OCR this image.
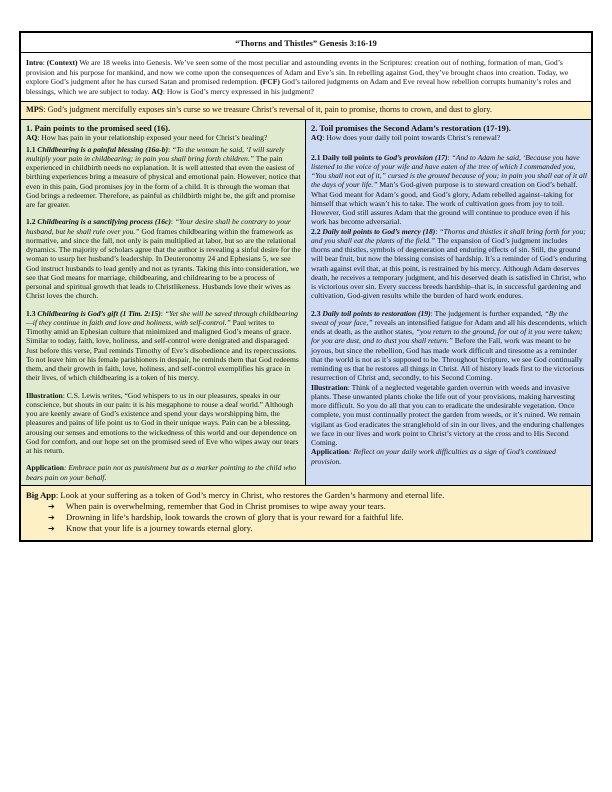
“Thorns and Thistles” Genesis 3:16-19
Intro: (Context) We are 18 weeks into Genesis. We’ve seen some of the most peculiar and astounding events in the Scriptures: creation out of nothing, formation of man, God’s provision and his purpose for mankind, and now we come upon the consequences of Adam and Eve’s sin. In rebelling against God, they’ve brought chaos into creation. Today, we explore God’s judgment after he has cursed Satan and promised redemption. (FCF) God’s tailored judgments on Adam and Eve reveal how rebellion corrupts humanity’s roles and blessings, which we are subject to today. AQ: How is God’s mercy expressed in his judgment?
MPS: God’s judgment mercifully exposes sin’s curse so we treasure Christ’s reversal of it, pain to promise, thorns to crown, and dust to glory.
1. Pain points to the promised seed (16).
AQ: How has pain in your relationship exposed your need for Christ’s healing?
1.1 Childbearing is a painful blessing (16a-b): “To the woman he said, ‘I will surely multiply your pain in childbearing; in pain you shall bring forth children.” The pain experienced in childbirth needs no explanation. It is well attested that even the easiest of birthing experiences bring a measure of physical and emotional pain. However, notice that even in this pain, God promises joy in the form of a child. It is through the woman that God brings a redeemer. Therefore, as painful as childbirth might be, the gift and promise are far greater.
1.2 Childbearing is a sanctifying process (16c): “Your desire shall be contrary to your husband, but he shall rule over you.” God frames childbearing within the framework as normative, and since the fall, not only is pain multiplied at labor, but so are the relational dynamics. The majority of scholars agree that the author is revealing a sinful desire for the woman to usurp her husband’s leadership. In Deuteronomy 24 and Ephesians 5, we see God instruct husbands to lead gently and not as tyrants. Taking this into consideration, we see that God means for marriage, childbearing, and childrearing to be a process of personal and spiritual growth that leads to Christlikeness. Husbands love their wives as Christ loves the church.
1.3 Childbearing is God’s gift (1 Tim. 2:15): “Yet she will be saved through childbearing—if they continue in faith and love and holiness, with self-control.” Paul writes to Timothy amid an Ephesian culture that minimized and maligned God’s means of grace. Similar to today, faith, love, holiness, and self-control were denigrated and disparaged. Just before this verse, Paul reminds Timothy of Eve’s disobedience and its repercussions. To not leave him or his female parishioners in despair, he reminds them that God redeems them, and their growth in faith, love, holiness, and self-control exemplifies his grace in their lives, of which childbearing is a token of his mercy.
Illustration: C.S. Lewis writes, “God whispers to us in our pleasures, speaks in our conscience, but shouts in our pain: it is his megaphone to rouse a deaf world.” Although you are keenly aware of God’s existence and spend your days worshipping him, the pleasures and pains of life point us to God in their unique ways. Pain can be a blessing, arousing our senses and emotions to the wickedness of this world and our dependence on God for comfort, and our hope set on the promised seed of Eve who wipes away our tears at his return.
Application: Embrace pain not as punishment but as a marker pointing to the child who bears pain on your behalf.
2. Toil promises the Second Adam’s restoration (17-19).
AQ: How does your daily toil point towards Christ’s renewal?
2.1 Daily toil points to God’s provision (17): “And to Adam he said, ‘Because you have listened to the voice of your wife and have eaten of the tree of which I commanded you, “You shall not eat of it,” cursed is the ground because of you; in pain you shall eat of it all the days of your life.” Man’s God-given purpose is to steward creation on God’s behalf. What God meant for Adam’s good, and God’s glory, Adam rebelled against–taking for himself that which wasn’t his to take. The work of cultivation goes from joy to toil. However, God still assures Adam that the ground will continue to produce even if his work has become adversarial.
2.2 Daily toil points to God’s mercy (18): “Thorns and thistles it shall bring forth for you; and you shall eat the plants of the field.” The expansion of God’s judgment includes thorns and thistles, symbols of degeneration and enduring effects of sin. Still, the ground will bear fruit, but now the blessing consists of hardship. It’s a reminder of God’s enduring wrath against evil that, at this point, is restrained by his mercy. Although Adam deserves death, he receives a temporary judgment, and his deserved death is satisfied in Christ, who is victorious over sin. Every success breeds hardship–that is, in successful gardening and cultivation, God-given results while the burden of hard work endures.
2.3 Daily toil points to restoration (19): The judgement is further expanded, “By the sweat of your face,” reveals an intensified fatigue for Adam and all his descendents, which ends at death, as the author states, “you return to the ground, for out of it you were taken; for you are dust, and to dust you shall return.” Before the Fall, work was meant to be joyous, but since the rebellion, God has made work difficult and tiresome as a reminder that the world is not as it’s supposed to be. Throughout Scripture, we see God continually reminding us that he restores all things in Christ. All of history leads first to the victorious resurrection of Christ and, secondly, to his Second Coming.
Illustration: Think of a neglected vegetable garden overrun with weeds and invasive plants. These unwanted plants choke the life out of your provisions, making harvesting more difficult. So you do all that you can to eradicate the undesirable vegetation. Once complete, you must continually protect the garden from weeds, or it’s ruined. We remain vigilant as God eradicates the stranglehold of sin in our lives, and the enduring challenges we face in our lives and work point to Christ’s victory at the cross and to His Second Coming.
Application: Reflect on your daily work difficulties as a sign of God’s continued provision.
Big App: Look at your suffering as a token of God’s mercy in Christ, who restores the Garden’s harmony and eternal life.
➔ When pain is overwhelming, remember that God in Christ promises to wipe away your tears.
➔ Drowning in life’s hardship, look towards the crown of glory that is your reward for a faithful life.
➔ Know that your life is a journey towards eternal glory.
